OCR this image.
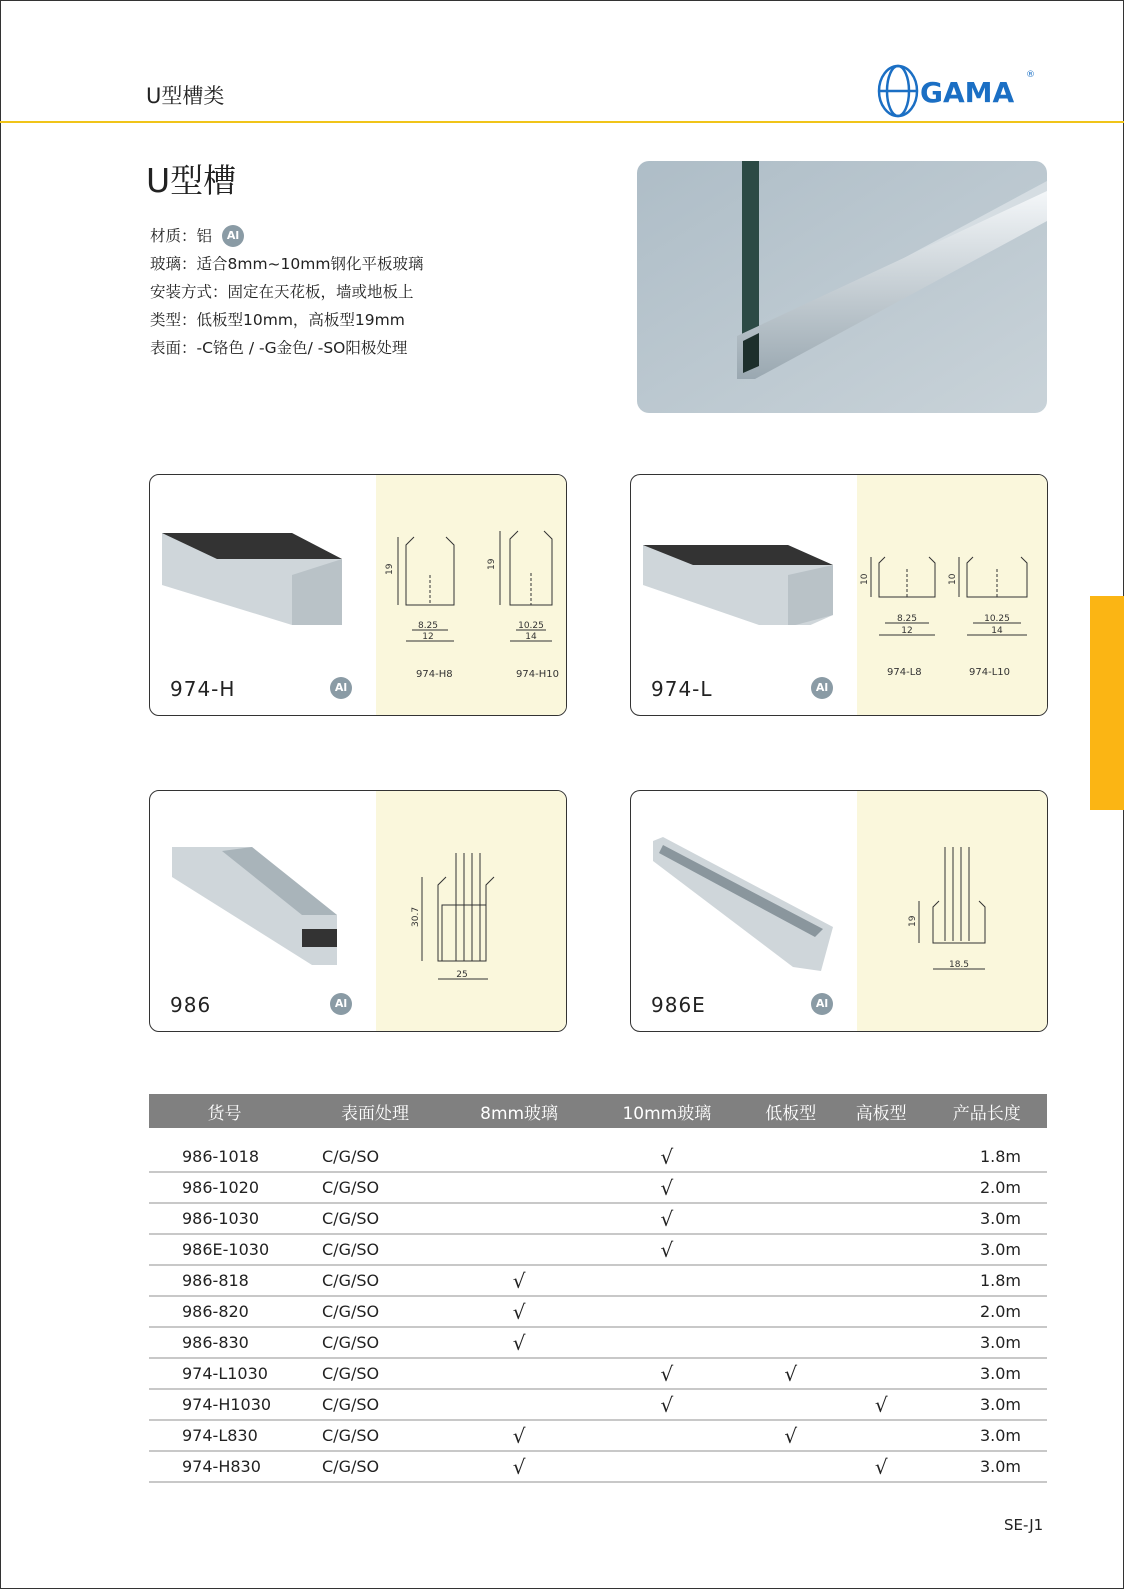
U型槽类	GAMA
®
U型槽
材质：铝	Al
玻璃：适合8mm~10mm钢化平板玻璃
安装方式：固定在天花板，墙或地板上
类型：低板型10mm，高板型19mm
表面：-C铬色 / -G金色/ -SO阳极处理
8.25
12
19
974-H8
10.25
14
19
974-H10
974-H	Al
8.25
12
10
974-L8
10.25
14
10
974-L10
974-L	Al
30.7
25
986	Al
19
18.5
986E	Al
货号	表面处理	8mm玻璃	10mm玻璃	低板型	高板型	产品长度
986-1018	C/G/SO		√			1.8m
986-1020	C/G/SO		√			2.0m
986-1030	C/G/SO		√			3.0m
986E-1030	C/G/SO		√			3.0m
986-818	C/G/SO	√				1.8m
986-820	C/G/SO	√				2.0m
986-830	C/G/SO	√				3.0m
974-L1030	C/G/SO		√	√		3.0m
974-H1030	C/G/SO		√		√	3.0m
974-L830	C/G/SO	√		√		3.0m
974-H830	C/G/SO	√			√	3.0m
SE-J1
